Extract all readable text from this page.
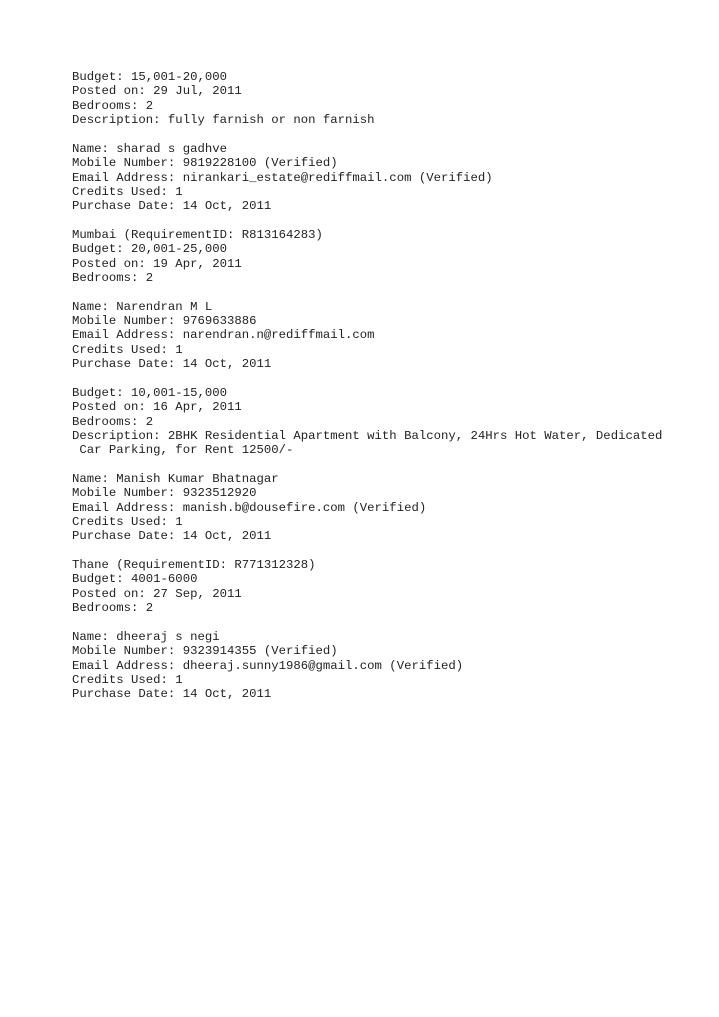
Budget: 15,001-20,000
Posted on: 29 Jul, 2011
Bedrooms: 2
Description: fully farnish or non farnish
Name: sharad s gadhve
Mobile Number: 9819228100 (Verified)
Email Address: nirankari_estate@rediffmail.com (Verified)
Credits Used: 1
Purchase Date: 14 Oct, 2011
Mumbai (RequirementID: R813164283)
Budget: 20,001-25,000
Posted on: 19 Apr, 2011
Bedrooms: 2
Name: Narendran M L
Mobile Number: 9769633886
Email Address: narendran.n@rediffmail.com
Credits Used: 1
Purchase Date: 14 Oct, 2011
Budget: 10,001-15,000
Posted on: 16 Apr, 2011
Bedrooms: 2
Description: 2BHK Residential Apartment with Balcony, 24Hrs Hot Water, Dedicated
Car Parking, for Rent 12500/-
Name: Manish Kumar Bhatnagar
Mobile Number: 9323512920
Email Address: manish.b@dousefire.com (Verified)
Credits Used: 1
Purchase Date: 14 Oct, 2011
Thane (RequirementID: R771312328)
Budget: 4001-6000
Posted on: 27 Sep, 2011
Bedrooms: 2
Name: dheeraj s negi
Mobile Number: 9323914355 (Verified)
Email Address: dheeraj.sunny1986@gmail.com (Verified)
Credits Used: 1
Purchase Date: 14 Oct, 2011
